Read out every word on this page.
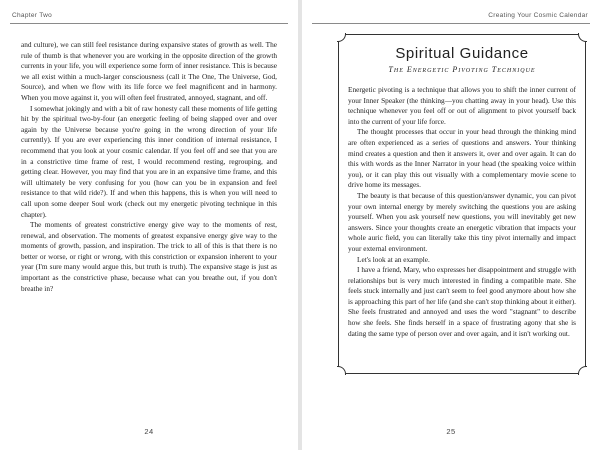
Chapter Two

and culture), we can still feel resistance during expansive states of growth as well. The rule of thumb is that whenever you are working in the opposite direction of the growth currents in your life, you will experience some form of inner resistance. This is because we all exist within a much-larger consciousness (call it The One, The Universe, God, Source), and when we flow with its life force we feel magnificent and in harmony. When you move against it, you will often feel frustrated, annoyed, stagnant, and off.

I somewhat jokingly and with a bit of raw honesty call these moments of life getting hit by the spiritual two-by-four (an energetic feeling of being slapped over and over again by the Universe because you're going in the wrong direction of your life currently). If you are ever experiencing this inner condition of internal resistance, I recommend that you look at your cosmic calendar. If you feel off and see that you are in a constrictive time frame of rest, I would recommend resting, regrouping, and getting clear. However, you may find that you are in an expansive time frame, and this will ultimately be very confusing for you (how can you be in expansion and feel resistance to that wild ride?). If and when this happens, this is when you will need to call upon some deeper Soul work (check out my energetic pivoting technique in this chapter).

The moments of greatest constrictive energy give way to the moments of rest, renewal, and observation. The moments of greatest expansive energy give way to the moments of growth, passion, and inspiration. The trick to all of this is that there is no better or worse, or right or wrong, with this constriction or expansion inherent to your year (I'm sure many would argue this, but truth is truth). The expansive stage is just as important as the constrictive phase, because what can you breathe out, if you don't breathe in?

24
Creating Your Cosmic Calendar
Spiritual Guidance
The Energetic Pivoting Technique

Energetic pivoting is a technique that allows you to shift the inner current of your Inner Speaker (the thinking—you chatting away in your head). Use this technique whenever you feel off or out of alignment to pivot yourself back into the current of your life force.

The thought processes that occur in your head through the thinking mind are often experienced as a series of questions and answers. Your thinking mind creates a question and then it answers it, over and over again. It can do this with words as the Inner Narrator in your head (the speaking voice within you), or it can play this out visually with a complementary movie scene to drive home its messages.

The beauty is that because of this question/answer dynamic, you can pivot your own internal energy by merely switching the questions you are asking yourself. When you ask yourself new questions, you will inevitably get new answers. Since your thoughts create an energetic vibration that impacts your whole auric field, you can literally take this tiny pivot internally and impact your external environment.

Let's look at an example.

I have a friend, Mary, who expresses her disappointment and struggle with relationships but is very much interested in finding a compatible mate. She feels stuck internally and just can't seem to feel good anymore about how she is approaching this part of her life (and she can't stop thinking about it either). She feels frustrated and annoyed and uses the word "stagnant" to describe how she feels. She finds herself in a space of frustrating agony that she is dating the same type of person over and over again, and it isn't working out.

25
